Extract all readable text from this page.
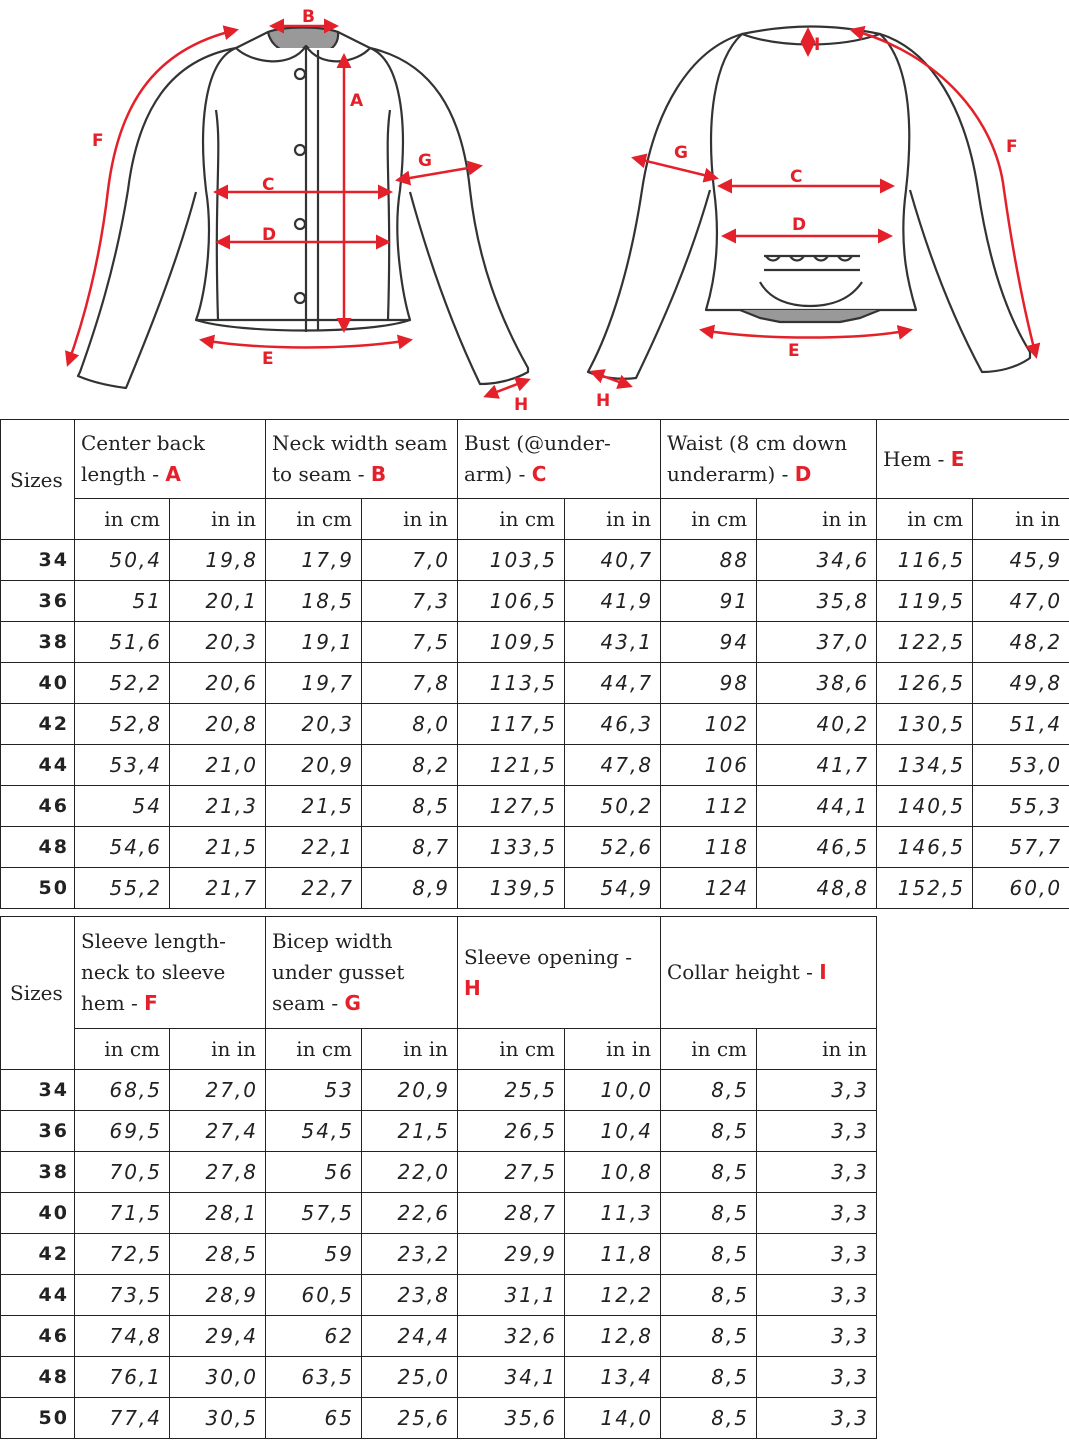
B
A
C
D
E
F
G
H
I
C
D
E
F
G
H
Sizes	Center back length - A		Neck width seam to seam - B		Bust (@under-arm) - C		Waist (8 cm down underarm) - D		Hem - E	
	in cm	in in	in cm	in in	in cm	in in	in cm	in in	in cm	in in
34	50,4	19,8	17,9	7,0	103,5	40,7	88	34,6	116,5	45,9
36	51	20,1	18,5	7,3	106,5	41,9	91	35,8	119,5	47,0
38	51,6	20,3	19,1	7,5	109,5	43,1	94	37,0	122,5	48,2
40	52,2	20,6	19,7	7,8	113,5	44,7	98	38,6	126,5	49,8
42	52,8	20,8	20,3	8,0	117,5	46,3	102	40,2	130,5	51,4
44	53,4	21,0	20,9	8,2	121,5	47,8	106	41,7	134,5	53,0
46	54	21,3	21,5	8,5	127,5	50,2	112	44,1	140,5	55,3
48	54,6	21,5	22,1	8,7	133,5	52,6	118	46,5	146,5	57,7
50	55,2	21,7	22,7	8,9	139,5	54,9	124	48,8	152,5	60,0
Sizes	Sleeve length-neck to sleeve hem - F		Bicep width under gusset seam - G		Sleeve opening - H		Collar height - I	
	in cm	in in	in cm	in in	in cm	in in	in cm	in in
34	68,5	27,0	53	20,9	25,5	10,0	8,5	3,3
36	69,5	27,4	54,5	21,5	26,5	10,4	8,5	3,3
38	70,5	27,8	56	22,0	27,5	10,8	8,5	3,3
40	71,5	28,1	57,5	22,6	28,7	11,3	8,5	3,3
42	72,5	28,5	59	23,2	29,9	11,8	8,5	3,3
44	73,5	28,9	60,5	23,8	31,1	12,2	8,5	3,3
46	74,8	29,4	62	24,4	32,6	12,8	8,5	3,3
48	76,1	30,0	63,5	25,0	34,1	13,4	8,5	3,3
50	77,4	30,5	65	25,6	35,6	14,0	8,5	3,3
